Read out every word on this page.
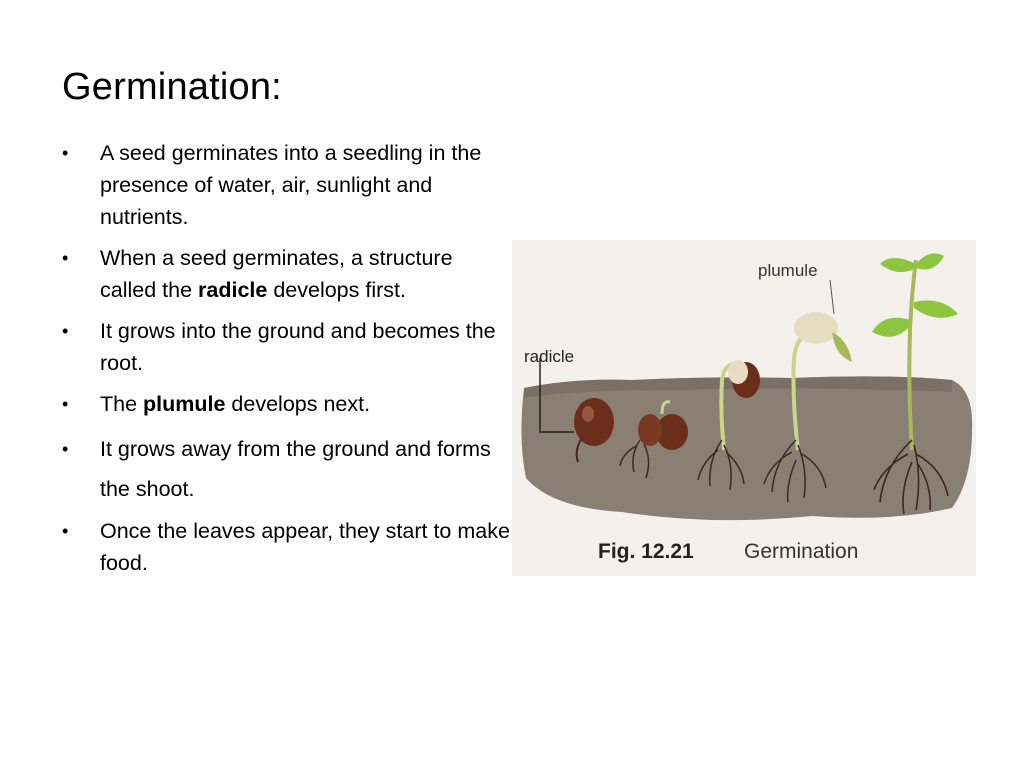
Germination:
• A seed germinates into a seedling in the presence of water, air, sunlight and nutrients.
• When a seed germinates, a structure called the radicle develops first.
• It grows into the ground and becomes the root.
• The plumule develops next.
• It grows away from the ground and forms the shoot.
• Once the leaves appear, they start to make food.
radicle
plumule
Fig. 12.21 Germination
